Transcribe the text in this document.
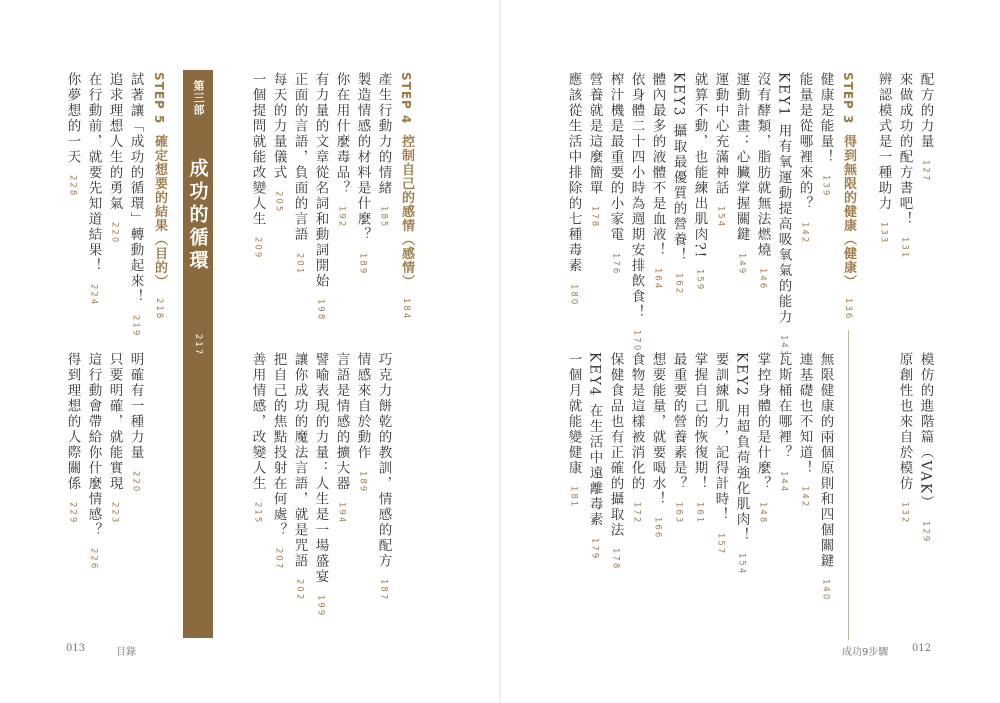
STEP 4控制自己的感情（感情）184
產生行動力的情緒185
製造情感的材料是什麼？189
你在用什麼毒品？192
有力量的文章從名詞和動詞開始198
正面的言語，負面的言語201
每天的力量儀式205
一個提問就能改變人生209
巧克力餅乾的教訓，情感的配方187
情感來自於動作189
言語是情感的擴大器194
譬喻表現的力量：人生是一場盛宴199
讓你成功的魔法言語，就是咒語202
把自己的焦點投射在何處？207
善用情感，改變人生215
第三部
成功的循環
217
STEP 5確定想要的結果（目的）218
試著讓「成功的循環」轉動起來！219
追求理想人生的勇氣220
在行動前，就要先知道結果！224
你夢想的一天228
明確有一種力量220
只要明確，就能實現223
這行動會帶給你什麼情感？226
得到理想的人際關係229
013	目錄
配方的力量127
來做成功的配方書吧！131
辨認模式是一種助力133
模仿的進階篇（VAK）129
原創性也來自於模仿132
STEP 3得到無限的健康（健康）136
健康是能量！139
能量是從哪裡來的？142
KEY1 用有氧運動提高吸氧氣的能力143
沒有酵類，脂肪就無法燃燒146
運動計畫：心臟掌握關鍵149
運動中心充滿神話154
就算不動，也能練出肌肉?!159
KEY3 攝取最優質的營養！162
體內最多的液體不是血液！164
依身體二十四小時為週期安排飲食！170
榨汁機是最重要的小家電176
營養就是這麼簡單178
應該從生活中排除的七種毒素180
無限健康的兩個原則和四個關鍵140
連基礎也不知道！142
瓦斯桶在哪裡？144
掌控身體的是什麼？148
KEY2 用超負荷強化肌肉！154
要訓練肌力，記得計時！157
掌握自己的恢復期！161
最重要的營養素是？163
想要能量，就要喝水！166
食物是這樣被消化的172
保健食品也有正確的攝取法178
KEY4 在生活中遠離毒素179
一個月就能變健康181
成功9步驟 012
